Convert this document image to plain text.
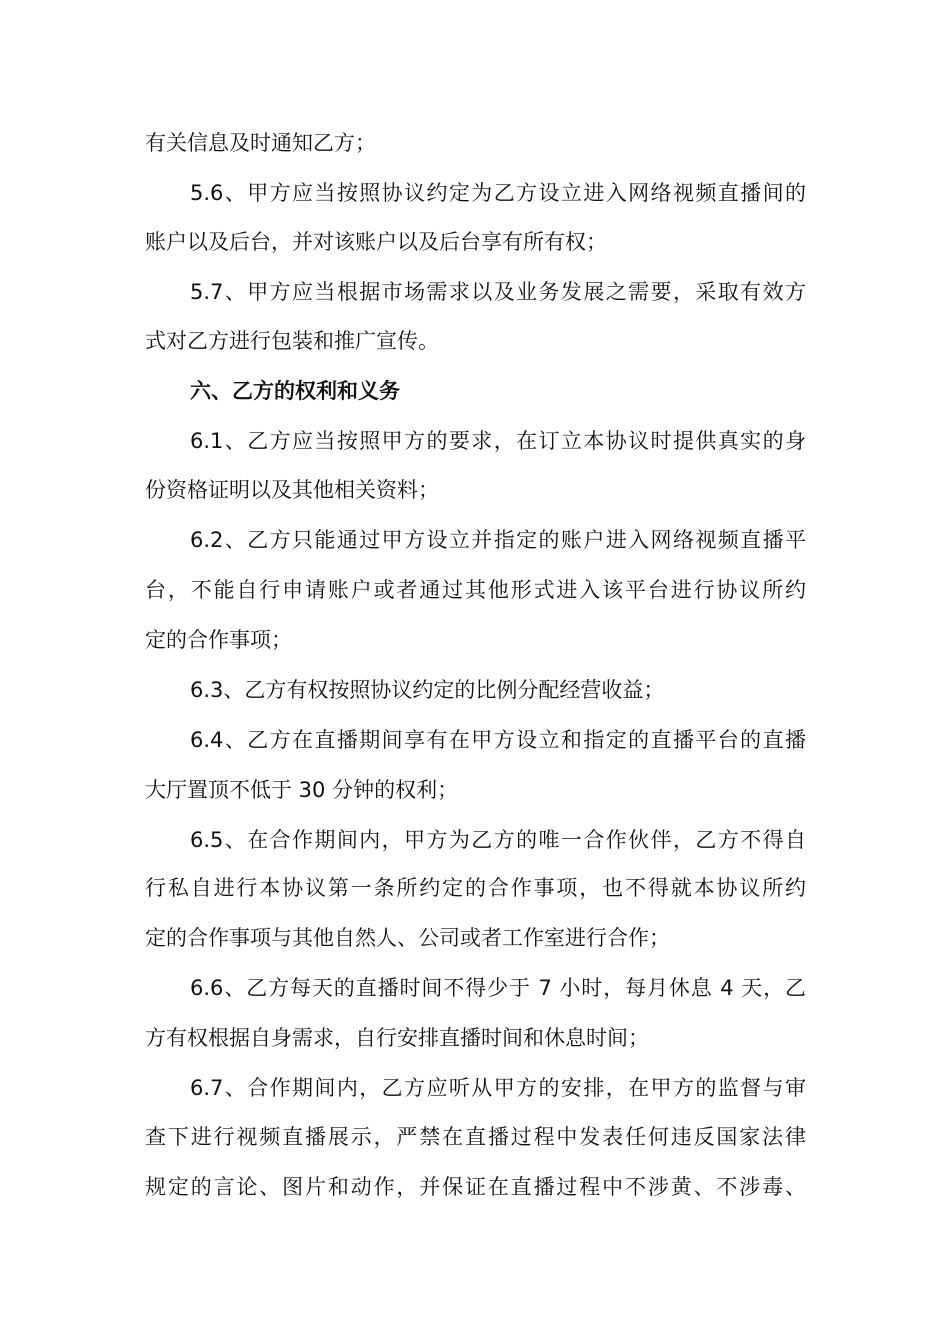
有关信息及时通知乙方；
5.6、甲方应当按照协议约定为乙方设立进入网络视频直播间的
账户以及后台，并对该账户以及后台享有所有权；
5.7、甲方应当根据市场需求以及业务发展之需要，采取有效方
式对乙方进行包装和推广宣传。
六、乙方的权利和义务
6.1、乙方应当按照甲方的要求，在订立本协议时提供真实的身
份资格证明以及其他相关资料；
6.2、乙方只能通过甲方设立并指定的账户进入网络视频直播平
台，不能自行申请账户或者通过其他形式进入该平台进行协议所约
定的合作事项；
6.3、乙方有权按照协议约定的比例分配经营收益；
6.4、乙方在直播期间享有在甲方设立和指定的直播平台的直播
大厅置顶不低于 30 分钟的权利；
6.5、在合作期间内，甲方为乙方的唯一合作伙伴，乙方不得自
行私自进行本协议第一条所约定的合作事项，也不得就本协议所约
定的合作事项与其他自然人、公司或者工作室进行合作；
6.6、乙方每天的直播时间不得少于 7 小时，每月休息 4 天，乙
方有权根据自身需求，自行安排直播时间和休息时间；
6.7、合作期间内，乙方应听从甲方的安排，在甲方的监督与审
查下进行视频直播展示，严禁在直播过程中发表任何违反国家法律
规定的言论、图片和动作，并保证在直播过程中不涉黄、不涉毒、
